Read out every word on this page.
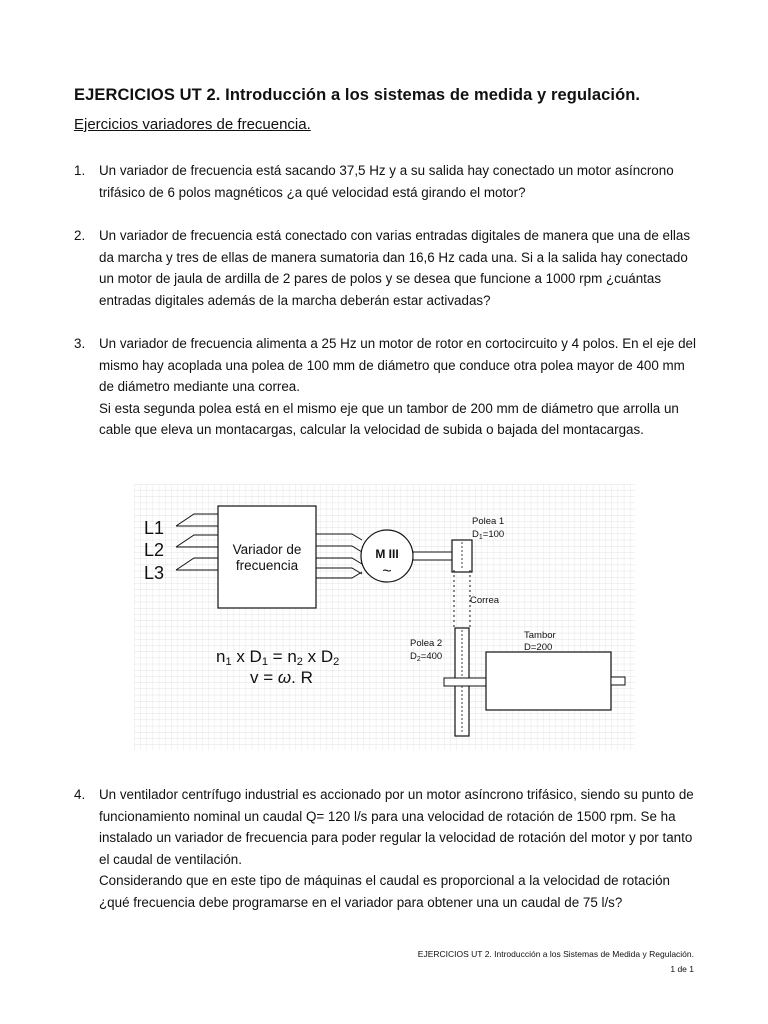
EJERCICIOS UT 2. Introducción a los sistemas de medida y regulación.
Ejercicios variadores de frecuencia.
1. Un variador de frecuencia está sacando 37,5 Hz y a su salida hay conectado un motor asíncrono trifásico de 6 polos magnéticos ¿a qué velocidad está girando el motor?

2. Un variador de frecuencia está conectado con varias entradas digitales de manera que una de ellas da marcha y tres de ellas de manera sumatoria dan 16,6 Hz cada una. Si a la salida hay conectado un motor de jaula de ardilla de 2 pares de polos y se desea que funcione a 1000 rpm ¿cuántas entradas digitales además de la marcha deberán estar activadas?

3. Un variador de frecuencia alimenta a 25 Hz un motor de rotor en cortocircuito y 4 polos. En el eje del mismo hay acoplada una polea de 100 mm de diámetro que conduce otra polea mayor de 400 mm de diámetro mediante una correa.

Si esta segunda polea está en el mismo eje que un tambor de 200 mm de diámetro que arrolla un cable que eleva un montacargas, calcular la velocidad de subida o bajada del montacargas.

L1
L2
L3
Variador de
frecuencia
M III
~
Polea 1
$D_1=100$
Correa
Polea 2
$D_2=400$
Tambor
D=200
n1 x D1 = n2 x D2
v = ω. R
4. Un ventilador centrífugo industrial es accionado por un motor asíncrono trifásico, siendo su punto de funcionamiento nominal un caudal Q= 120 l/s para una velocidad de rotación de 1500 rpm. Se ha instalado un variador de frecuencia para poder regular la velocidad de rotación del motor y por tanto el caudal de ventilación.

Considerando que en este tipo de máquinas el caudal es proporcional a la velocidad de rotación ¿qué frecuencia debe programarse en el variador para obtener una un caudal de 75 l/s?

EJERCICIOS UT 2. Introducción a los Sistemas de Medida y Regulación.
1 de 1
